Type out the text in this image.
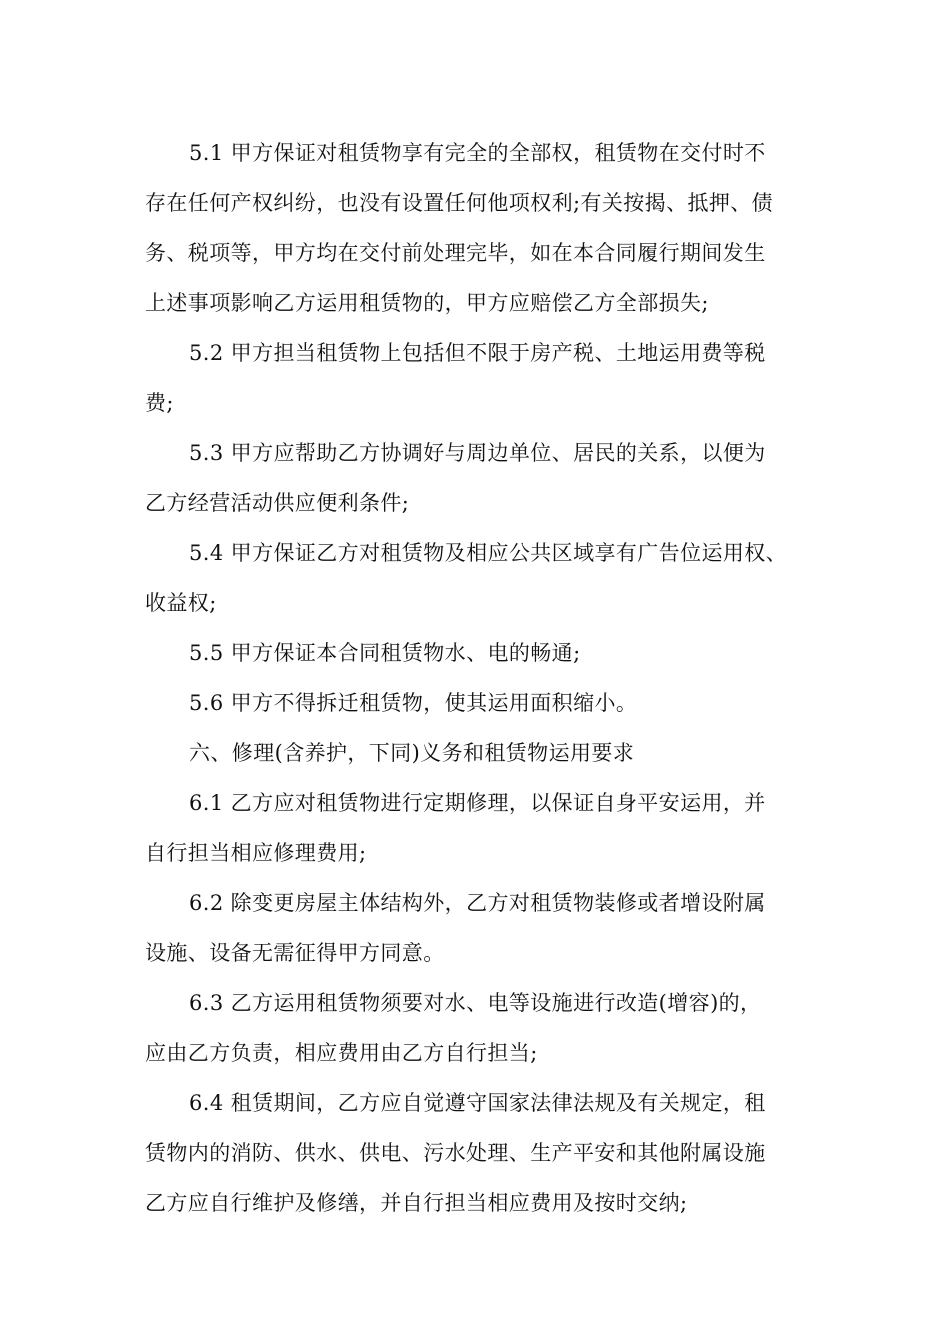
5.1 甲方保证对租赁物享有完全的全部权，租赁物在交付时不
存在任何产权纠纷，也没有设置任何他项权利;有关按揭、抵押、债
务、税项等，甲方均在交付前处理完毕，如在本合同履行期间发生
上述事项影响乙方运用租赁物的，甲方应赔偿乙方全部损失;
5.2 甲方担当租赁物上包括但不限于房产税、土地运用费等税
费;
5.3 甲方应帮助乙方协调好与周边单位、居民的关系，以便为
乙方经营活动供应便利条件;
5.4 甲方保证乙方对租赁物及相应公共区域享有广告位运用权、
收益权;
5.5 甲方保证本合同租赁物水、电的畅通;
5.6 甲方不得拆迁租赁物，使其运用面积缩小。
六、修理(含养护，下同)义务和租赁物运用要求
6.1 乙方应对租赁物进行定期修理，以保证自身平安运用，并
自行担当相应修理费用;
6.2 除变更房屋主体结构外，乙方对租赁物装修或者增设附属
设施、设备无需征得甲方同意。
6.3 乙方运用租赁物须要对水、电等设施进行改造(增容)的，
应由乙方负责，相应费用由乙方自行担当;
6.4 租赁期间，乙方应自觉遵守国家法律法规及有关规定，租
赁物内的消防、供水、供电、污水处理、生产平安和其他附属设施
乙方应自行维护及修缮，并自行担当相应费用及按时交纳;
